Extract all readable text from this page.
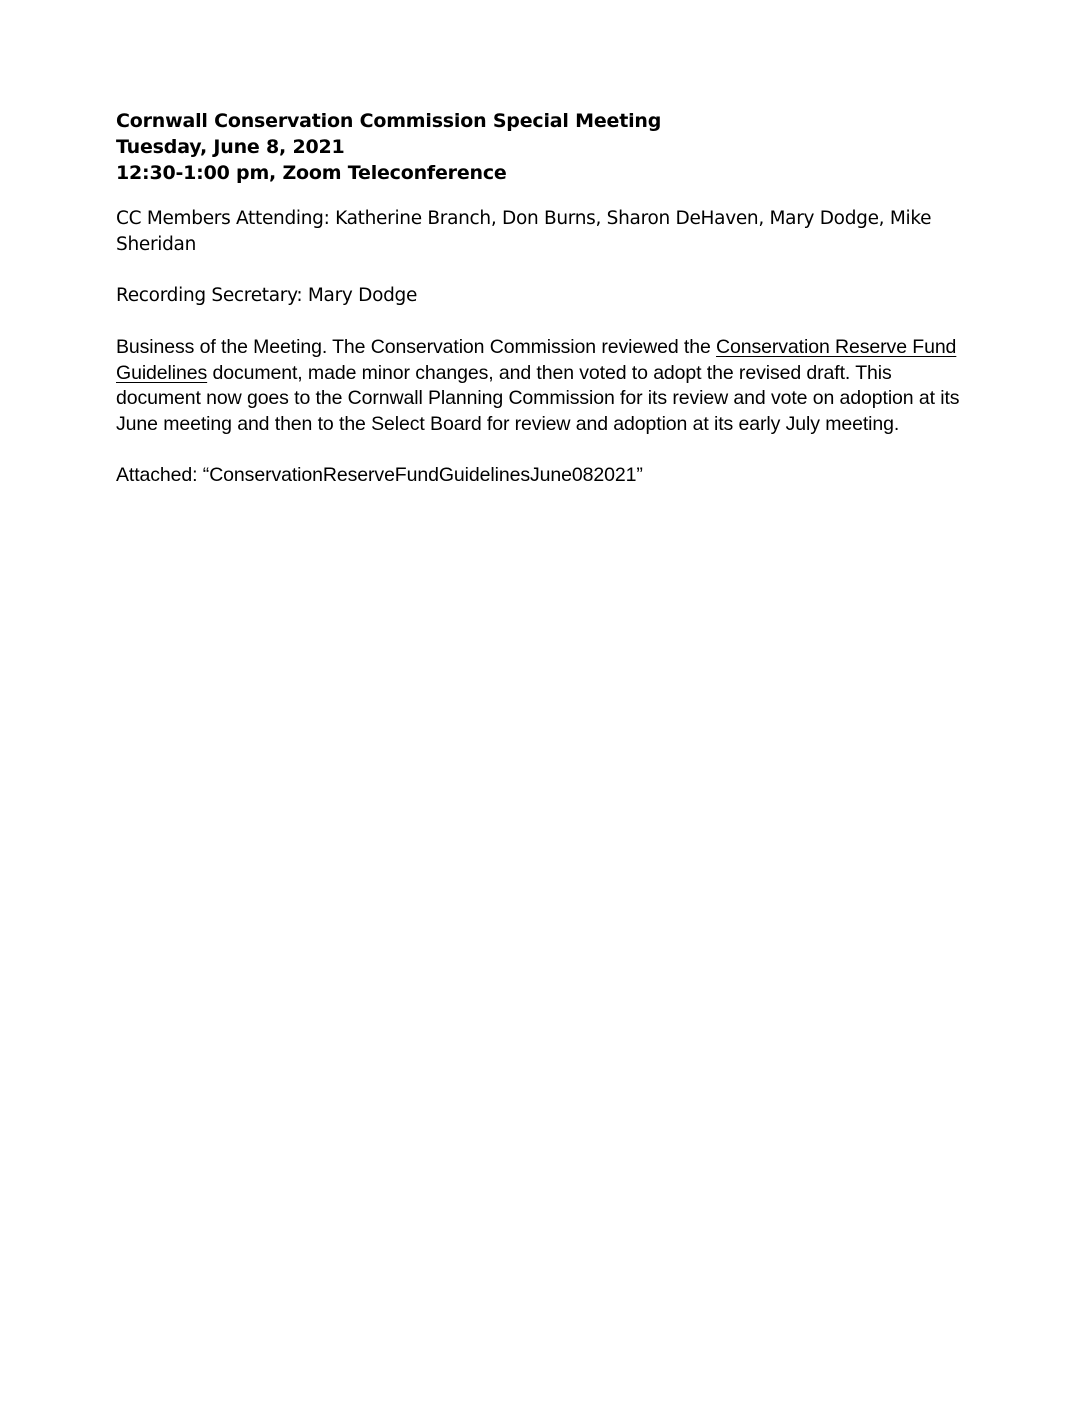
Cornwall Conservation Commission Special Meeting
Tuesday, June 8, 2021
12:30-1:00 pm, Zoom Teleconference

CC Members Attending: Katherine Branch, Don Burns, Sharon DeHaven, Mary Dodge, Mike Sheridan

Recording Secretary: Mary Dodge

Business of the Meeting. The Conservation Commission reviewed the Conservation Reserve Fund Guidelines document, made minor changes, and then voted to adopt the revised draft. This document now goes to the Cornwall Planning Commission for its review and vote on adoption at its June meeting and then to the Select Board for review and adoption at its early July meeting.

Attached: “ConservationReserveFundGuidelinesJune082021”
